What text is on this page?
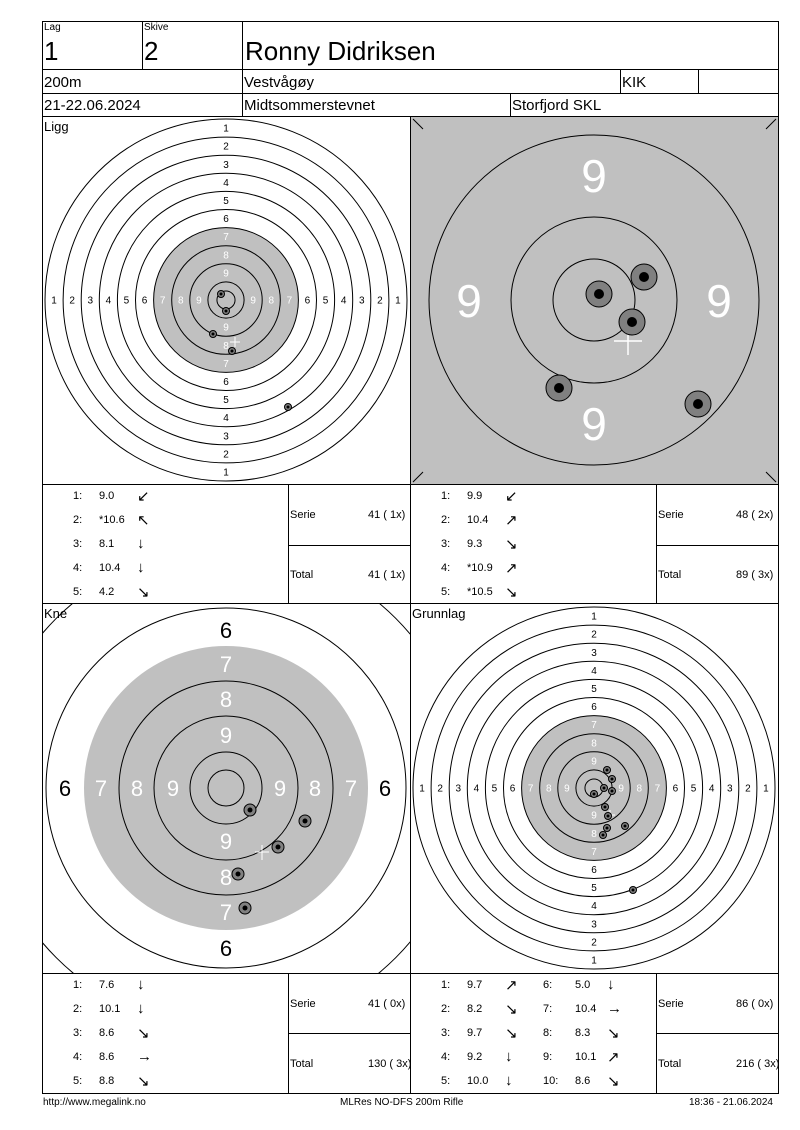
Lag
1
Skive
2	Ronny Didriksen
200m	Vestvågøy	KIK
21-22.06.2024	Midtsommerstevnet	Storfjord SKL
Ligg
Kne	Grunnlag
1
1
1	1
2
2
2	2
3
3
3	3
4
4
4	4
5
5
5	5
6
6
6	6
7
7
7	7
8
8
8	8
9
9
9	9
9
9
9	9
6
6
6	6
7
8
9
9
8
7
7 8 9	9 8 7
1
1
1	1
2
2
2	2
3
3
3	3
4
4
4	4
5
5
5	5
6
6
6	6
7
7
7	7
8
8
8	8
9
9
9	9
1: 9.0 ↙
2: *10.6 ↖
3: 8.1 ↓
4: 10.4 ↓
5: 4.2 ↘
Serie	41 ( 1x)
Total	41 ( 1x)
1: 9.9 ↙
2: 10.4 ↗
3: 9.3 ↘
4: *10.9 ↗
5: *10.5 ↘
Serie	48 ( 2x)
Total	89 ( 3x)
1: 7.6 ↓
2: 10.1 ↓
3: 8.6 ↘
4: 8.6 →
5: 8.8 ↘
Serie	41 ( 0x)
Total	130 ( 3x)
1: 9.7 ↗
2: 8.2 ↘
3: 9.7 ↘
4: 9.2 ↓
5: 10.0 ↓
6: 5.0 ↓
7: 10.4 →
8: 8.3 ↘
9: 10.1 ↗
10: 8.6 ↘
Serie	86 ( 0x)
Total	216 ( 3x)
http://www.megalink.no	MLRes NO-DFS 200m Rifle	18:36 - 21.06.2024
